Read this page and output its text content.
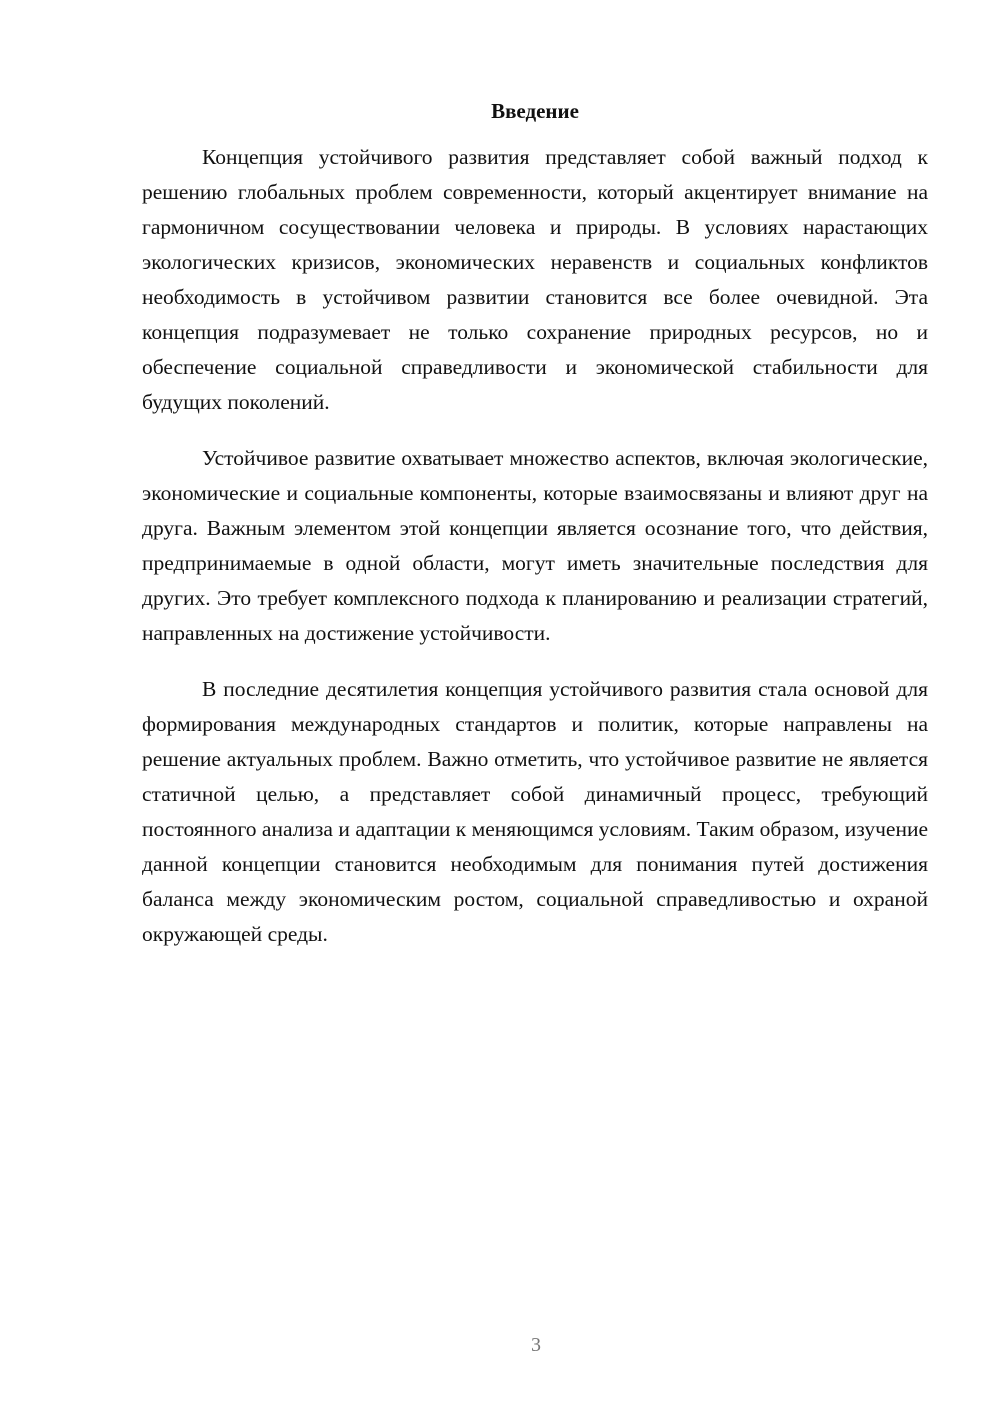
Введение

Концепция устойчивого развития представляет собой важный подход к решению глобальных проблем современности, который акцентирует внимание на гармоничном сосуществовании человека и природы. В условиях нарастающих экологических кризисов, экономических неравенств и социальных конфликтов необходимость в устойчивом развитии становится все более очевидной. Эта концепция подразумевает не только сохранение природных ресурсов, но и обеспечение социальной справедливости и экономической стабильности для будущих поколений.

Устойчивое развитие охватывает множество аспектов, включая экологические, экономические и социальные компоненты, которые взаимосвязаны и влияют друг на друга. Важным элементом этой концепции является осознание того, что действия, предпринимаемые в одной области, могут иметь значительные последствия для других. Это требует комплексного подхода к планированию и реализации стратегий, направленных на достижение устойчивости.

В последние десятилетия концепция устойчивого развития стала основой для формирования международных стандартов и политик, которые направлены на решение актуальных проблем. Важно отметить, что устойчивое развитие не является статичной целью, а представляет собой динамичный процесс, требующий постоянного анализа и адаптации к меняющимся условиям. Таким образом, изучение данной концепции становится необходимым для понимания путей достижения баланса между экономическим ростом, социальной справедливостью и охраной окружающей среды.

3
